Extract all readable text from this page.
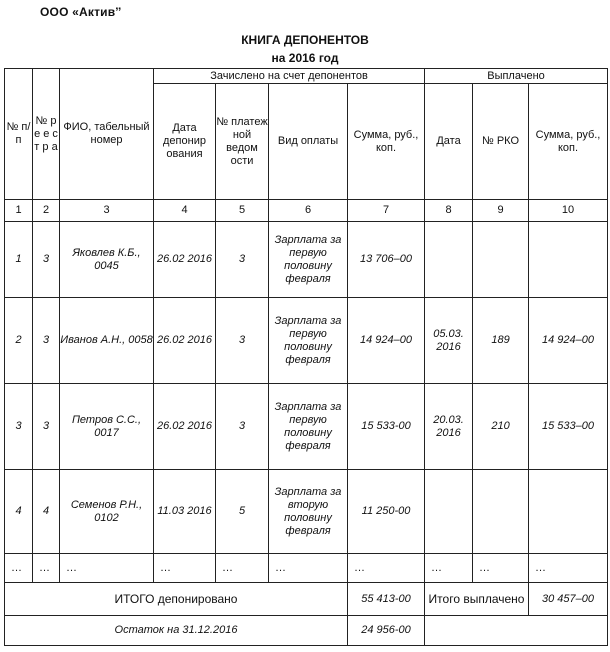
ООО «Активˮ
КНИГА ДЕПОНЕНТОВ
на 2016 год
№ п/ п	№ р е е с т р а	ФИО, табельный номер	Зачислено на счет депонентов				Выплачено		
			Дата депонир ования	№ платеж ной ведом ости	Вид оплаты	Сумма, руб., коп.	Дата	№ РКО	Сумма, руб., коп.
1	2	3	4	5	6	7	8	9	10
1	3	Яковлев К.Б., 0045	26.02 2016	3	Зарплата за первую половину февраля	13 706–00			
2	3	Иванов А.Н., 0058	26.02 2016	3	Зарплата за первую половину февраля	14 924–00	05.03. 2016	189	14 924–00
3	3	Петров С.С., 0017	26.02 2016	3	Зарплата за первую половину февраля	15 533-00	20.03. 2016	210	15 533–00
4	4	Семенов Р.Н., 0102	11.03 2016	5	Зарплата за вторую половину февраля	11 250-00			
…	…	…	…	…	…	…	…	…	…
ИТОГО депонировано						55 413-00	Итого выплачено		30 457–00
Остаток на 31.12.2016						24 956-00			
